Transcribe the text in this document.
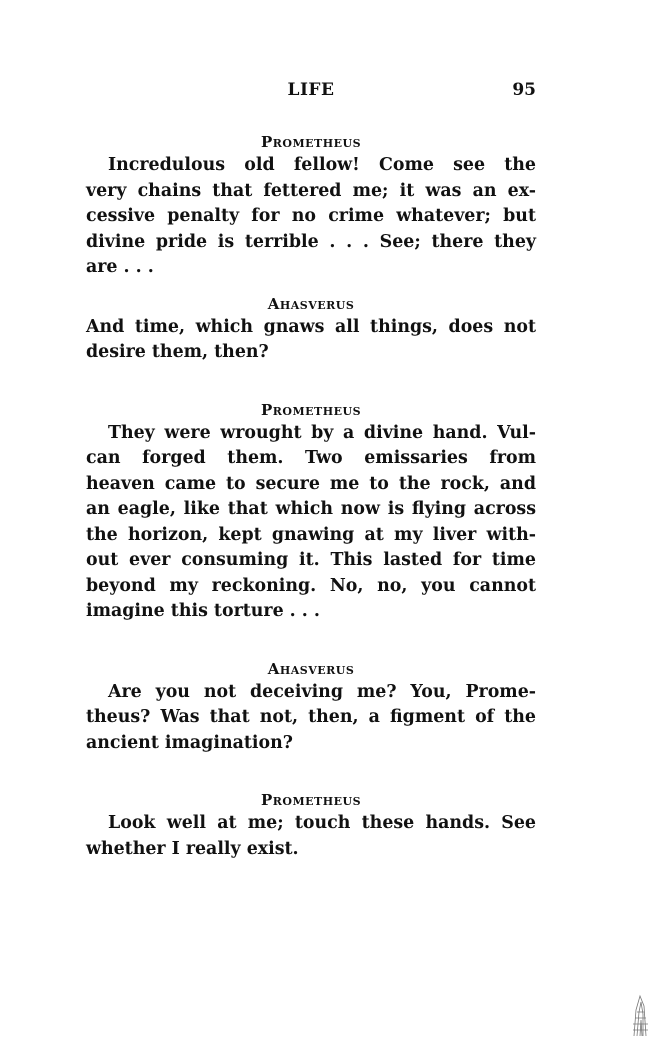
LIFE	95

Prometheus

Incredulous old fellow! Come see the
very chains that fettered me; it was an ex-
cessive penalty for no crime whatever; but
divine pride is terrible . . . See; there they
are . . .

Ahasverus

And time, which gnaws all things, does not
desire them, then?

Prometheus

They were wrought by a divine hand. Vul-
can forged them. Two emissaries from
heaven came to secure me to the rock, and
an eagle, like that which now is flying across
the horizon, kept gnawing at my liver with-
out ever consuming it. This lasted for time
beyond my reckoning. No, no, you cannot
imagine this torture . . .

Ahasverus

Are you not deceiving me? You, Prome-
theus? Was that not, then, a figment of the
ancient imagination?

Prometheus

Look well at me; touch these hands. See
whether I really exist.
